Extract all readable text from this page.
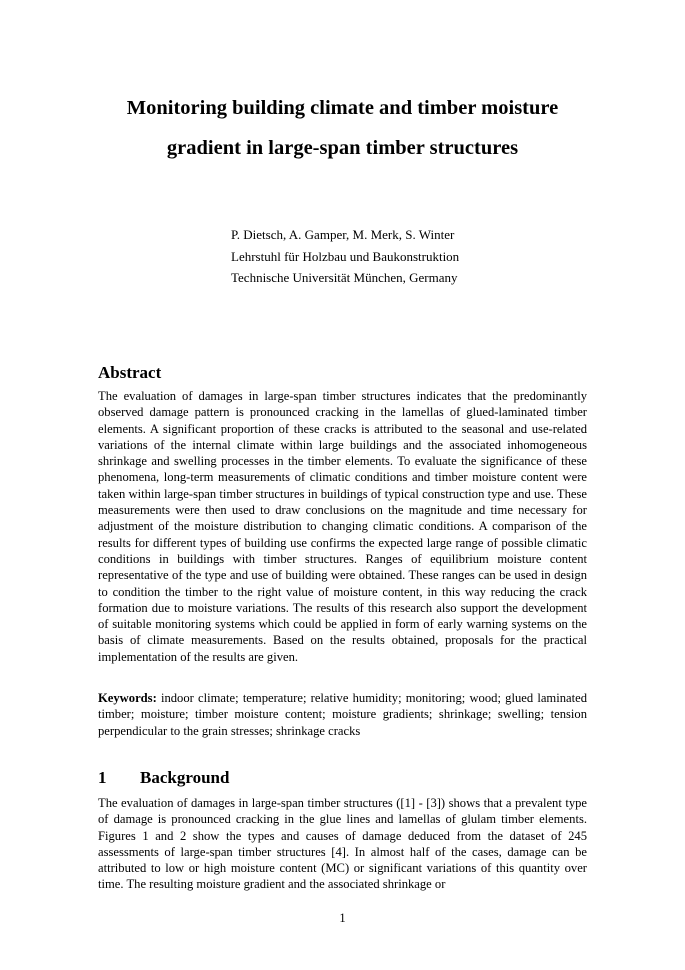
Monitoring building climate and timber moisture
gradient in large-span timber structures
P. Dietsch, A. Gamper, M. Merk, S. Winter
Lehrstuhl für Holzbau und Baukonstruktion
Technische Universität München, Germany
Abstract

The evaluation of damages in large-span timber structures indicates that the predominantly observed damage pattern is pronounced cracking in the lamellas of glued-laminated timber elements. A significant proportion of these cracks is attributed to the seasonal and use-related variations of the internal climate within large buildings and the associated inhomogeneous shrinkage and swelling processes in the timber elements. To evaluate the significance of these phenomena, long-term measurements of climatic conditions and timber moisture content were taken within large-span timber structures in buildings of typical construction type and use. These measurements were then used to draw conclusions on the magnitude and time necessary for adjustment of the moisture distribution to changing climatic conditions. A comparison of the results for different types of building use confirms the expected large range of possible climatic conditions in buildings with timber structures. Ranges of equilibrium moisture content representative of the type and use of building were obtained. These ranges can be used in design to condition the timber to the right value of moisture content, in this way reducing the crack formation due to moisture variations. The results of this research also support the development of suitable monitoring systems which could be applied in form of early warning systems on the basis of climate measurements. Based on the results obtained, proposals for the practical implementation of the results are given.

Keywords: indoor climate; temperature; relative humidity; monitoring; wood; glued laminated timber; moisture; timber moisture content; moisture gradients; shrinkage; swelling; tension perpendicular to the grain stresses; shrinkage cracks

1 Background

The evaluation of damages in large-span timber structures ([1] - [3]) shows that a prevalent type of damage is pronounced cracking in the glue lines and lamellas of glulam timber elements. Figures 1 and 2 show the types and causes of damage deduced from the dataset of 245 assessments of large-span timber structures [4]. In almost half of the cases, damage can be attributed to low or high moisture content (MC) or significant variations of this quantity over time. The resulting moisture gradient and the associated shrinkage or

1
